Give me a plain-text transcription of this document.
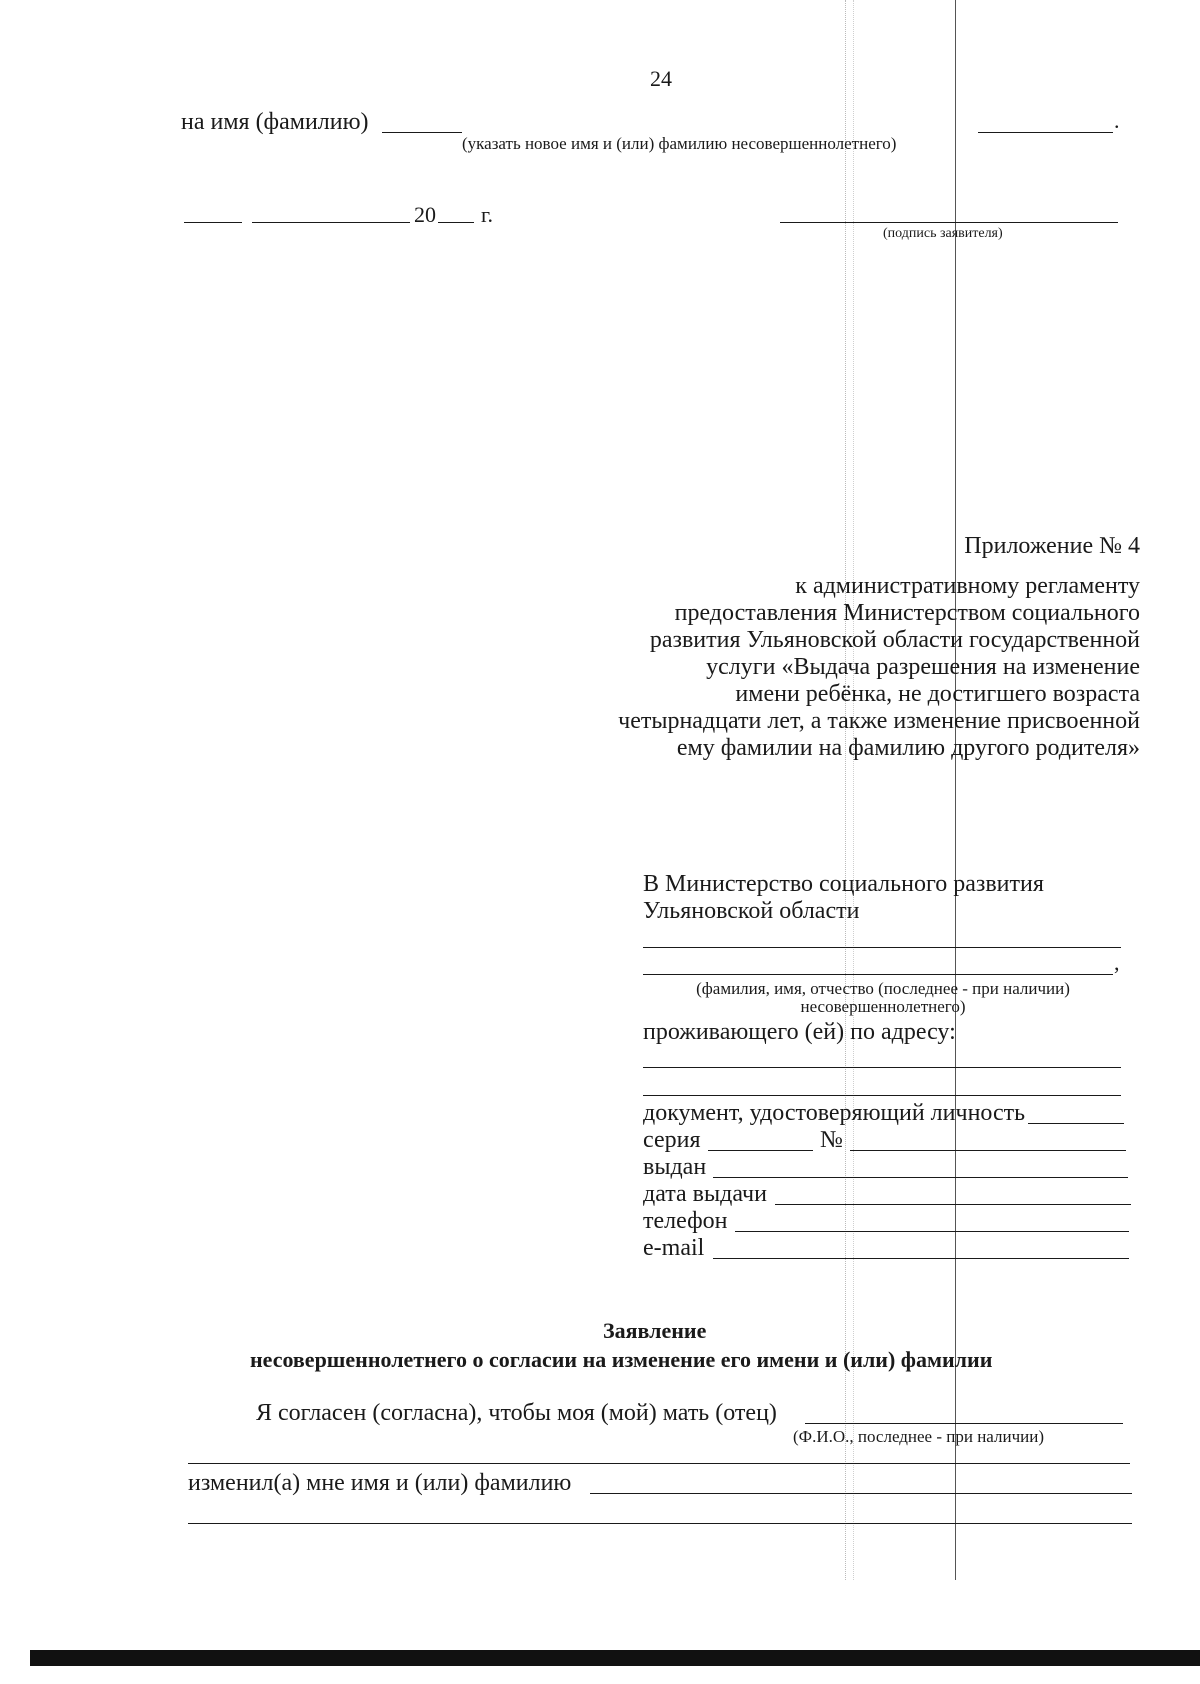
24
на имя (фамилию)	.
(указать новое имя и (или) фамилию несовершеннолетнего)
20 г.
(подпись заявителя)
Приложение № 4
к административному регламенту
предоставления Министерством социального
развития Ульяновской области государственной
услуги «Выдача разрешения на изменение
имени ребёнка, не достигшего возраста
четырнадцати лет, а также изменение присвоенной
ему фамилии на фамилию другого родителя»
В Министерство социального развития
Ульяновской области
,
(фамилия, имя, отчество (последнее - при наличии)
несовершеннолетнего)
проживающего (ей) по адресу:
документ, удостоверяющий личность
серия	№
выдан
дата выдачи
телефон
e-mail
Заявление
несовершеннолетнего о согласии на изменение его имени и (или) фамилии
Я согласен (согласна), чтобы моя (мой) мать (отец)
(Ф.И.О., последнее - при наличии)
изменил(а) мне имя и (или) фамилию
